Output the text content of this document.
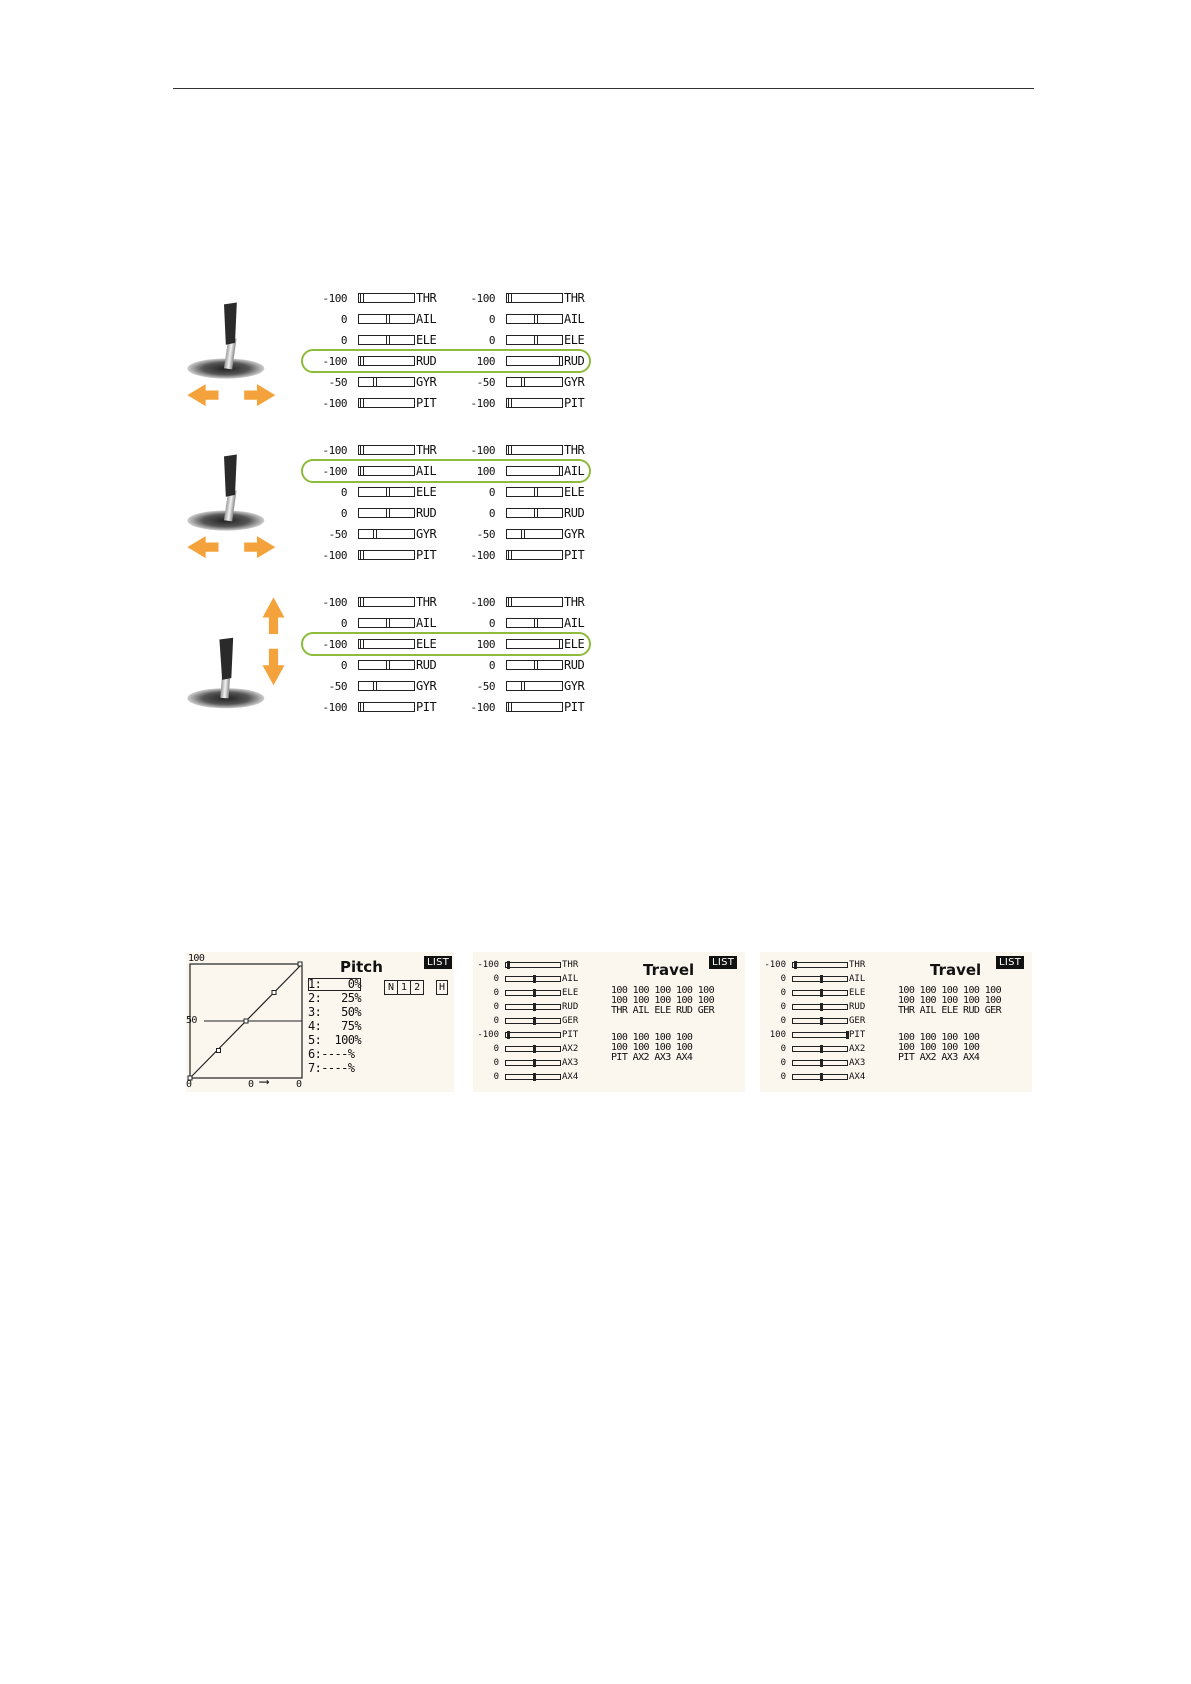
-100	THR	-100	THR
0	AIL	0	AIL
0	ELE	0	ELE
-100	RUD	100	RUD
-50	GYR	-50	GYR
-100	PIT	-100	PIT
-100	THR	-100	THR
-100	AIL	100	AIL
0	ELE	0	ELE
0	RUD	0	RUD
-50	GYR	-50	GYR
-100	PIT	-100	PIT
-100	THR	-100	THR
0	AIL	0	AIL
-100	ELE	100	ELE
0	RUD	0	RUD
-50	GYR	-50	GYR
-100	PIT	-100	PIT
100
50
0	0 ⟶	0
Pitch	LIST
1:    0%
2:   25%
3:   50%
4:   75%
5:  100%
6:----%
7:----%
N 1 2	H
-100	THR
0	AIL
0	ELE
0	RUD
0	GER
-100	PIT
0	AX2
0	AX3
0	AX4
Travel	LIST
100 100 100 100 100
100 100 100 100 100
THR AIL ELE RUD GER
100 100 100 100
100 100 100 100
PIT AX2 AX3 AX4
-100	THR
0	AIL
0	ELE
0	RUD
0	GER
100	PIT
0	AX2
0	AX3
0	AX4
Travel	LIST
100 100 100 100 100
100 100 100 100 100
THR AIL ELE RUD GER
100 100 100 100
100 100 100 100
PIT AX2 AX3 AX4
